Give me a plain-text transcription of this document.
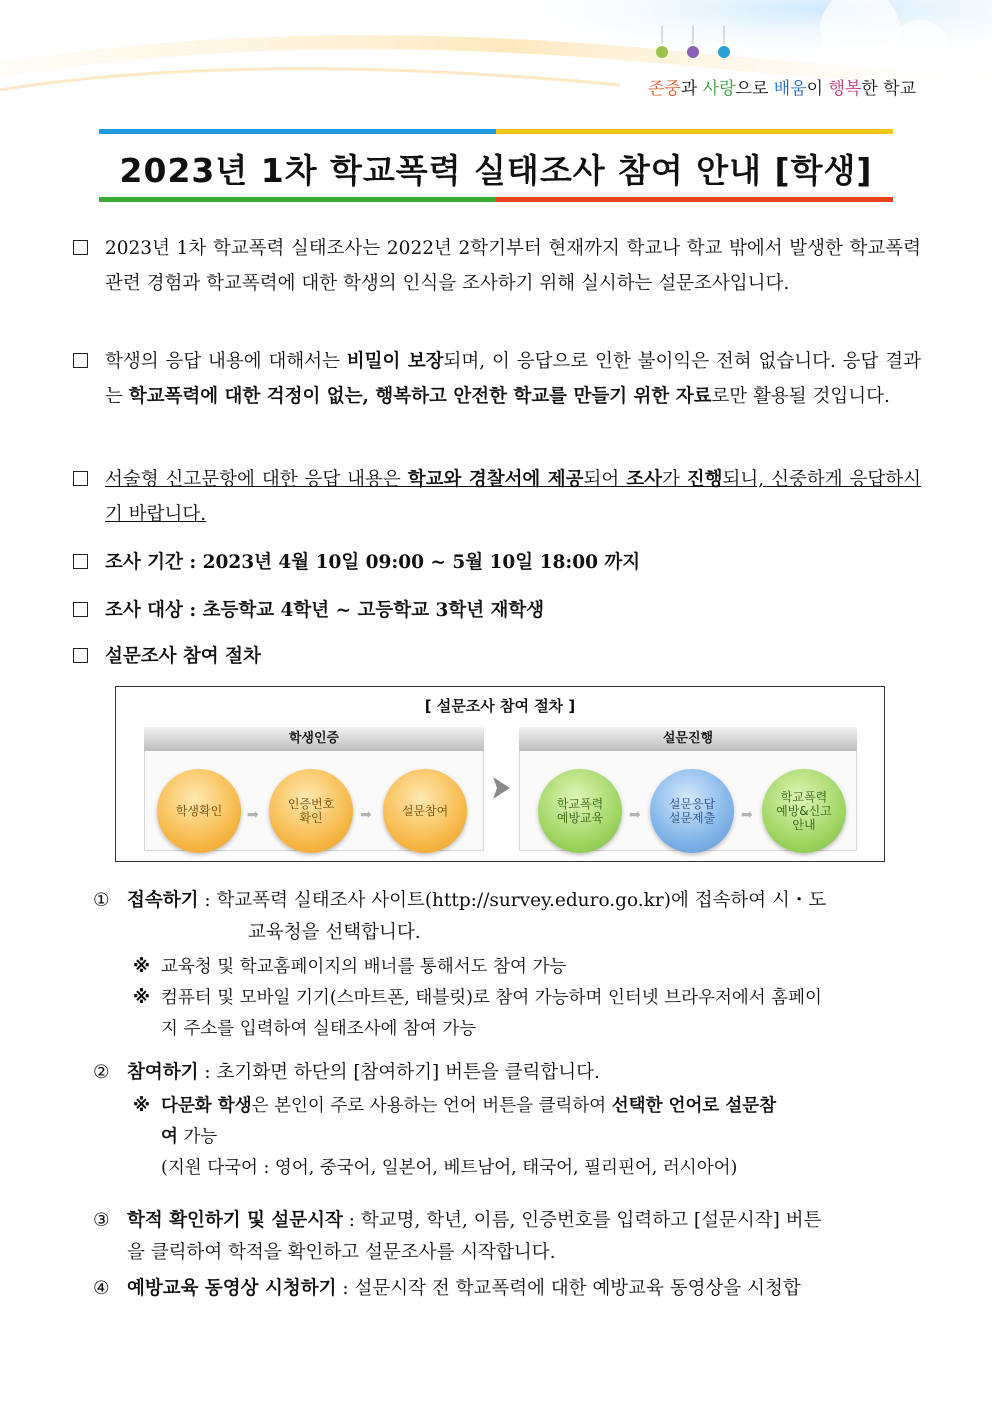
존중과 사랑으로 배움이 행복한 학교
2023년 1차 학교폭력 실태조사 참여 안내 [학생]
2023년 1차 학교폭력 실태조사는 2022년 2학기부터 현재까지 학교나 학교 밖에서 발생한 학교폭력 관련 경험과 학교폭력에 대한 학생의 인식을 조사하기 위해 실시하는 설문조사입니다.
학생의 응답 내용에 대해서는 비밀이 보장되며, 이 응답으로 인한 불이익은 전혀 없습니다. 응답 결과는 학교폭력에 대한 걱정이 없는, 행복하고 안전한 학교를 만들기 위한 자료로만 활용될 것입니다.
서술형 신고문항에 대한 응답 내용은 학교와 경찰서에 제공되어 조사가 진행되니, 신중하게 응답하시기 바랍니다.
조사 기간 : 2023년 4월 10일 09:00 ~ 5월 10일 18:00 까지
조사 대상 : 초등학교 4학년 ~ 고등학교 3학년 재학생
설문조사 참여 절차
[ 설문조사 참여 절차 ]
학생인증
학생확인 ➡
인증번호
확인	➡	설문참여
설문진행
학교폭력
예방교육 ➡
설문응답
설문제출 ➡
학교폭력
예방&신고
안내
① 접속하기 : 학교폭력 실태조사 사이트(http://survey.eduro.go.kr)에 접속하여 시・도
교육청을 선택합니다.
※ 교육청 및 학교홈페이지의 배너를 통해서도 참여 가능
※ 컴퓨터 및 모바일 기기(스마트폰, 태블릿)로 참여 가능하며 인터넷 브라우저에서 홈페이
지 주소를 입력하여 실태조사에 참여 가능
② 참여하기 : 초기화면 하단의 [참여하기] 버튼을 클릭합니다.
※ 다문화 학생은 본인이 주로 사용하는 언어 버튼을 클릭하여 선택한 언어로 설문참
여 가능
(지원 다국어 : 영어, 중국어, 일본어, 베트남어, 태국어, 필리핀어, 러시아어)
③ 학적 확인하기 및 설문시작 : 학교명, 학년, 이름, 인증번호를 입력하고 [설문시작] 버튼
을 클릭하여 학적을 확인하고 설문조사를 시작합니다.
④ 예방교육 동영상 시청하기 : 설문시작 전 학교폭력에 대한 예방교육 동영상을 시청합
